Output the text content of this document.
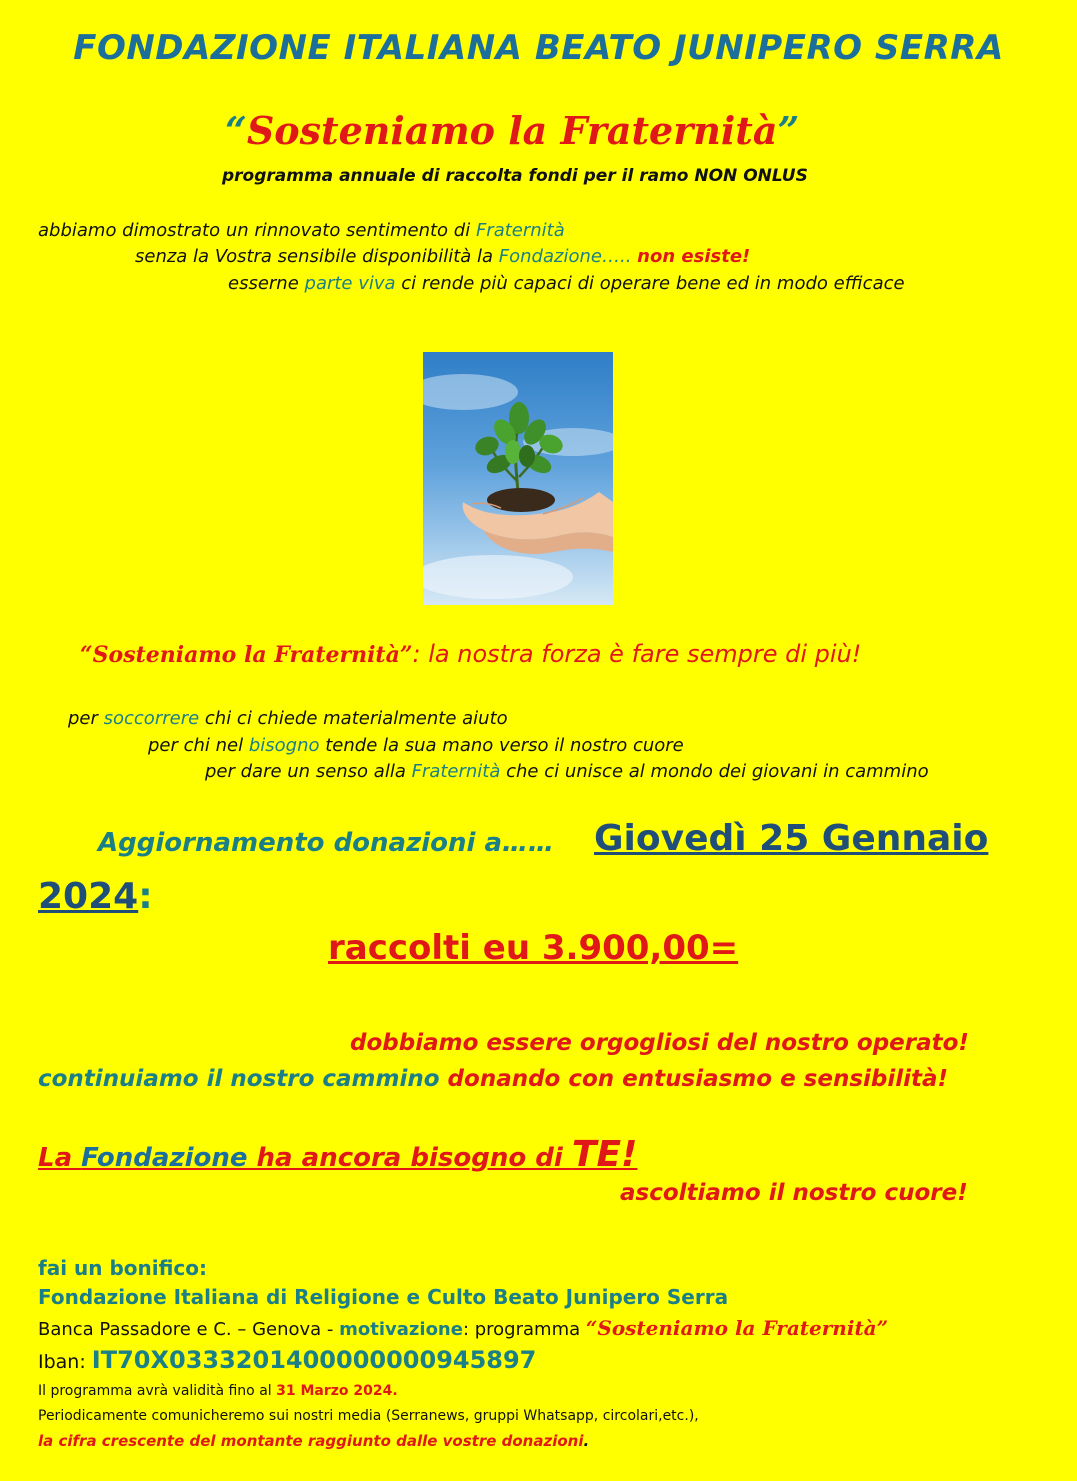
FONDAZIONE ITALIANA BEATO JUNIPERO SERRA
“Sosteniamo la Fraternità”
programma annuale di raccolta fondi per il ramo NON ONLUS
abbiamo dimostrato un rinnovato sentimento di Fraternità
senza la Vostra sensibile disponibilità la Fondazione….. non esiste!
esserne parte viva ci rende più capaci di operare bene ed in modo efficace
“Sosteniamo la Fraternità”: la nostra forza è fare sempre di più!
per soccorrere chi ci chiede materialmente aiuto
per chi nel bisogno tende la sua mano verso il nostro cuore
per dare un senso alla Fraternità che ci unisce al mondo dei giovani in cammino
Aggiornamento donazioni a…… Giovedì 25 Gennaio
2024:
raccolti eu 3.900,00=
dobbiamo essere orgogliosi del nostro operato!
continuiamo il nostro cammino donando con entusiasmo e sensibilità!
La Fondazione ha ancora bisogno di TE!
ascoltiamo il nostro cuore!
fai un bonifico:
Fondazione Italiana di Religione e Culto Beato Junipero Serra
Banca Passadore e C. – Genova - motivazione: programma “Sosteniamo la Fraternità”
Iban: IT70X0333201400000000945897
Il programma avrà validità fino al 31 Marzo 2024.
Periodicamente comunicheremo sui nostri media (Serranews, gruppi Whatsapp, circolari,etc.),
la cifra crescente del montante raggiunto dalle vostre donazioni.
